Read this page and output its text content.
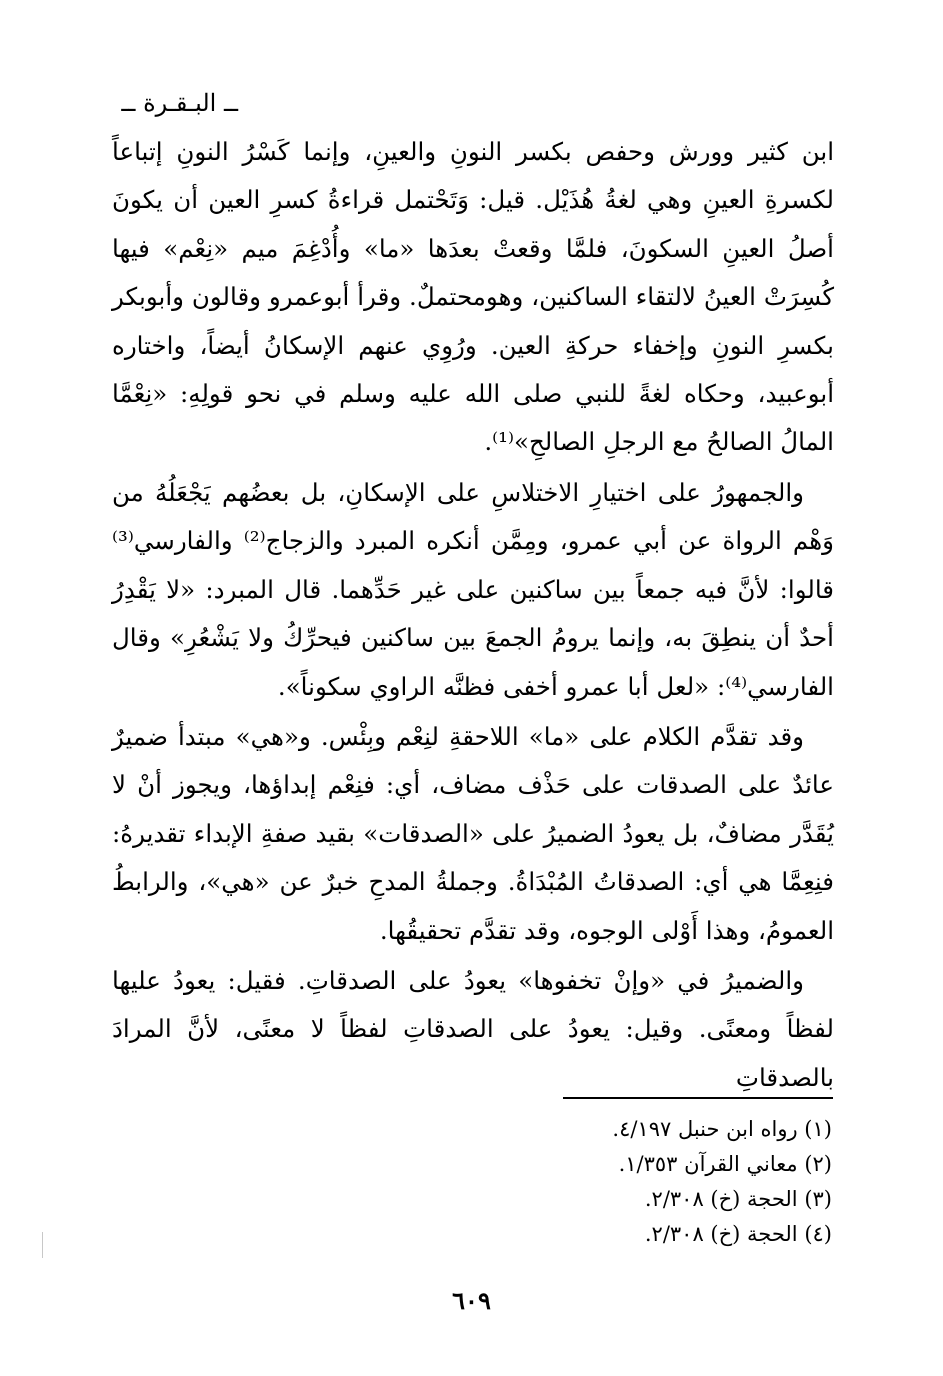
ــ البـقـرة ــ

ابن كثير وورش وحفص بكسر النونِ والعينِ، وإنما كَسْرُ النونِ إتباعاً لكسرةِ العينِ وهي لغةُ هُذَيْل. قيل: وَتَحْتمل قراءةُ كسرِ العين أن يكونَ أصلُ العينِ السكونَ، فلمَّا وقعتْ بعدَها «ما» وأُدْغِمَ ميم «نِعْم» فيها كُسِرَتْ العينُ لالتقاء الساكنين، وهومحتملٌ. وقرأ أبوعمرو وقالون وأبوبكر بكسرِ النونِ وإخفاء حركةِ العين. ورُوِي عنهم الإسكانُ أيضاً، واختاره أبوعبيد، وحكاه لغةً للنبي صلى الله عليه وسلم في نحو قولِهِ: «نِعْمَّا المالُ الصالحُ مع الرجلِ الصالحِ»⁽¹⁾.

والجمهورُ على اختيارِ الاختلاسِ على الإسكانِ، بل بعضُهم يَجْعَلُهُ من وَهْم الرواة عن أبي عمرو، ومِمَّن أنكره المبرد والزجاج⁽²⁾ والفارسي⁽³⁾ قالوا: لأنَّ فيه جمعاً بين ساكنين على غير حَدِّهما. قال المبرد: «لا يَقْدِرُ أحدٌ أن ينطِقَ به، وإنما يرومُ الجمعَ بين ساكنين فيحرِّكُ ولا يَشْعُرِ» وقال الفارسي⁽⁴⁾: «لعل أبا عمرو أخفى فظنَّه الراوي سكوناً».

وقد تقدَّم الكلام على «ما» اللاحقةِ لنِعْم وبِئْس. و«هي» مبتدأ ضميرٌ عائدٌ على الصدقات على حَذْف مضاف، أي: فنِعْم إبداؤها، ويجوز أنْ لا يُقَدَّر مضافٌ، بل يعودُ الضميرُ على «الصدقات» بقيد صفةِ الإبداء تقديرهُ: فنِعِمَّا هي أي: الصدقاتُ المُبْدَاةُ. وجملةُ المدحِ خبرٌ عن «هي»، والرابطُ العمومُ، وهذا أَوْلى الوجوه، وقد تقدَّم تحقيقُها.

والضميرُ في «وإنْ تخفوها» يعودُ على الصدقاتِ. فقيل: يعودُ عليها لفظاً ومعنًى. وقيل: يعودُ على الصدقاتِ لفظاً لا معنًى، لأنَّ المرادَ بالصدقاتِ

(١) رواه ابن حنبل ٤/١٩٧.
(٢) معاني القرآن ١/٣٥٣.
(٣) الحجة (خ) ٢/٣٠٨.
(٤) الحجة (خ) ٢/٣٠٨.
٦٠٩
